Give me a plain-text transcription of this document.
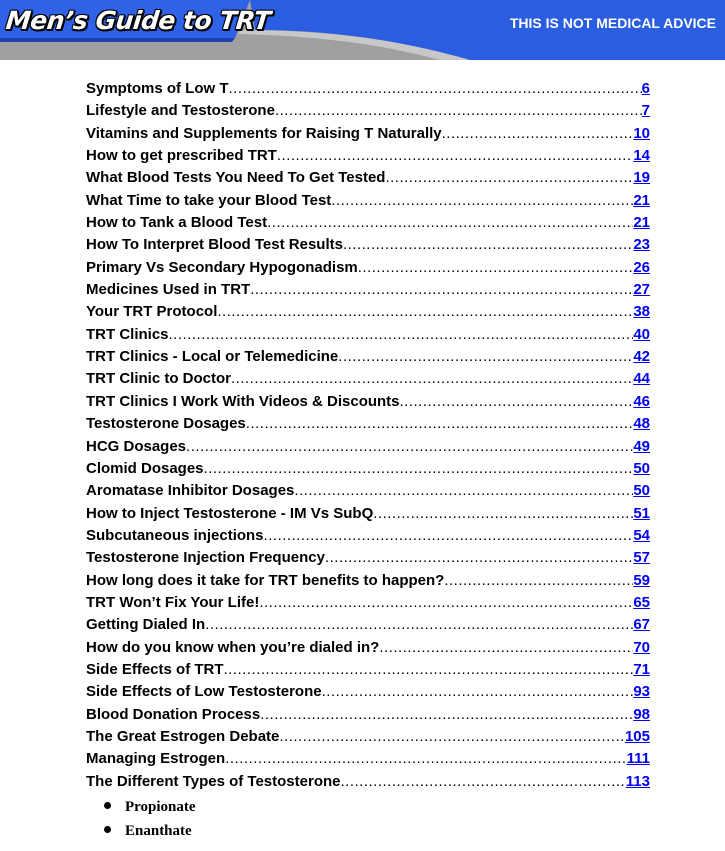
Men’s Guide to TRT	THIS IS NOT MEDICAL ADVICE
Symptoms of Low T .....	6
Lifestyle and Testosterone .....	7
Vitamins and Supplements for Raising T Naturally .....	10
How to get prescribed TRT .....	14
What Blood Tests You Need To Get Tested .....	19
What Time to take your Blood Test .....	21
How to Tank a Blood Test .....	21
How To Interpret Blood Test Results .....	23
Primary Vs Secondary Hypogonadism .....	26
Medicines Used in TRT .....	27
Your TRT Protocol .....	38
TRT Clinics .....	40
TRT Clinics - Local or Telemedicine .....	42
TRT Clinic to Doctor .....	44
TRT Clinics I Work With Videos & Discounts .....	46
Testosterone Dosages .....	48
HCG Dosages .....	49
Clomid Dosages .....	50
Aromatase Inhibitor Dosages .....	50
How to Inject Testosterone - IM Vs SubQ .....	51
Subcutaneous injections .....	54
Testosterone Injection Frequency .....	57
How long does it take for TRT benefits to happen? .....	59
TRT Won’t Fix Your Life! .....	65
Getting Dialed In .....	67
How do you know when you’re dialed in? .....	70
Side Effects of TRT .....	71
Side Effects of Low Testosterone .....	93
Blood Donation Process .....	98
The Great Estrogen Debate .....	105
Managing Estrogen .....	111
The Different Types of Testosterone .....	113
Propionate
Enanthate
